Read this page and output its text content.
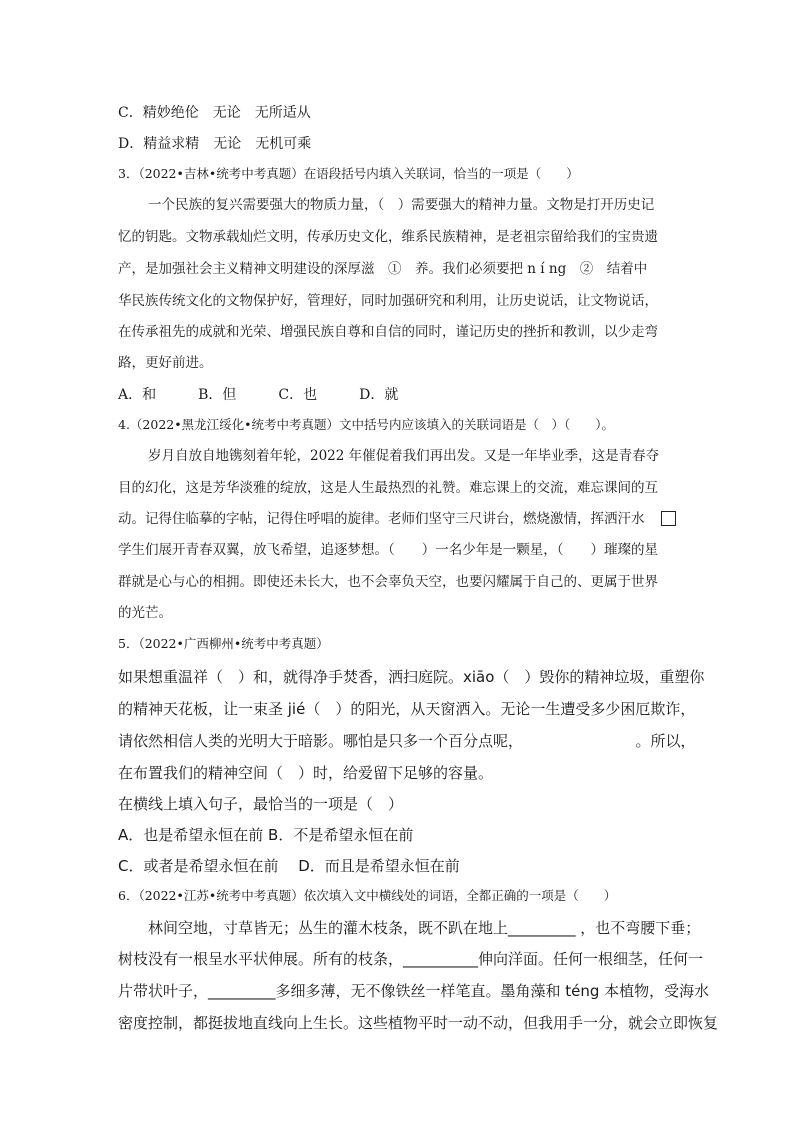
C．精妙绝伦　无论　无所适从
D．精益求精　无论　无机可乘
3．（2022•吉林•统考中考真题）在语段括号内填入关联词，恰当的一项是（　　）
一个民族的复兴需要强大的物质力量，（　）需要强大的精神力量。文物是打开历史记
忆的钥匙。文物承载灿烂文明，传承历史文化，维系民族精神，是老祖宗留给我们的宝贵遗
产，是加强社会主义精神文明建设的深厚滋　①　养。我们必须要把 n í ng　②　结着中
华民族传统文化的文物保护好，管理好，同时加强研究和利用，让历史说话，让文物说话，
在传承祖先的成就和光荣、增强民族自尊和自信的同时，谨记历史的挫折和教训，以少走弯
路，更好前进。
A．和　　　B．但　　　C．也　　　D．就
4.（2022•黑龙江绥化•统考中考真题）文中括号内应该填入的关联词语是（　）（　　）。
岁月自放自地镌刻着年轮，2022 年催促着我们再出发。又是一年毕业季，这是青春夺
目的幻化，这是芳华淡雅的绽放，这是人生最热烈的礼赞。难忘课上的交流，难忘课间的互
动。记得住临摹的字帖，记得住呼唱的旋律。老师们坚守三尺讲台，燃烧激情，挥洒汗水
学生们展开青春双翼，放飞希望，追逐梦想。（　　）一名少年是一颗星，（　　）璀璨的星
群就是心与心的相拥。即使还未长大，也不会辜负天空，也要闪耀属于自己的、更属于世界
的光芒。
5．（2022•广西柳州•统考中考真题）
如果想重温祥（　）和，就得净手焚香，洒扫庭院。xiāo（　）毁你的精神垃圾，重塑你
的精神天花板，让一束圣 jié（　）的阳光，从天窗洒入。无论一生遭受多少困厄欺诈，
请依然相信人类的光明大于暗影。哪怕是只多一个百分点呢，　　　　　　　　。所以，
在布置我们的精神空间（　）时，给爱留下足够的容量。
在横线上填入句子，最恰当的一项是（　）
A．也是希望永恒在前 B．不是希望永恒在前
C．或者是希望永恒在前　 D．而且是希望永恒在前
6．（2022•江苏•统考中考真题）依次填入文中横线处的词语，全都正确的一项是（　　）
林间空地，寸草皆无；丛生的灌木枝条，既不趴在地上_________ ，也不弯腰下垂；
树枝没有一根呈水平状伸展。所有的枝条，__________伸向洋面。任何一根细茎，任何一
片带状叶子，_________多细多薄，无不像铁丝一样笔直。墨角藻和 téng 本植物，受海水
密度控制，都挺拔地直线向上生长。这些植物平时一动不动，但我用手一分，就会立即恢复
